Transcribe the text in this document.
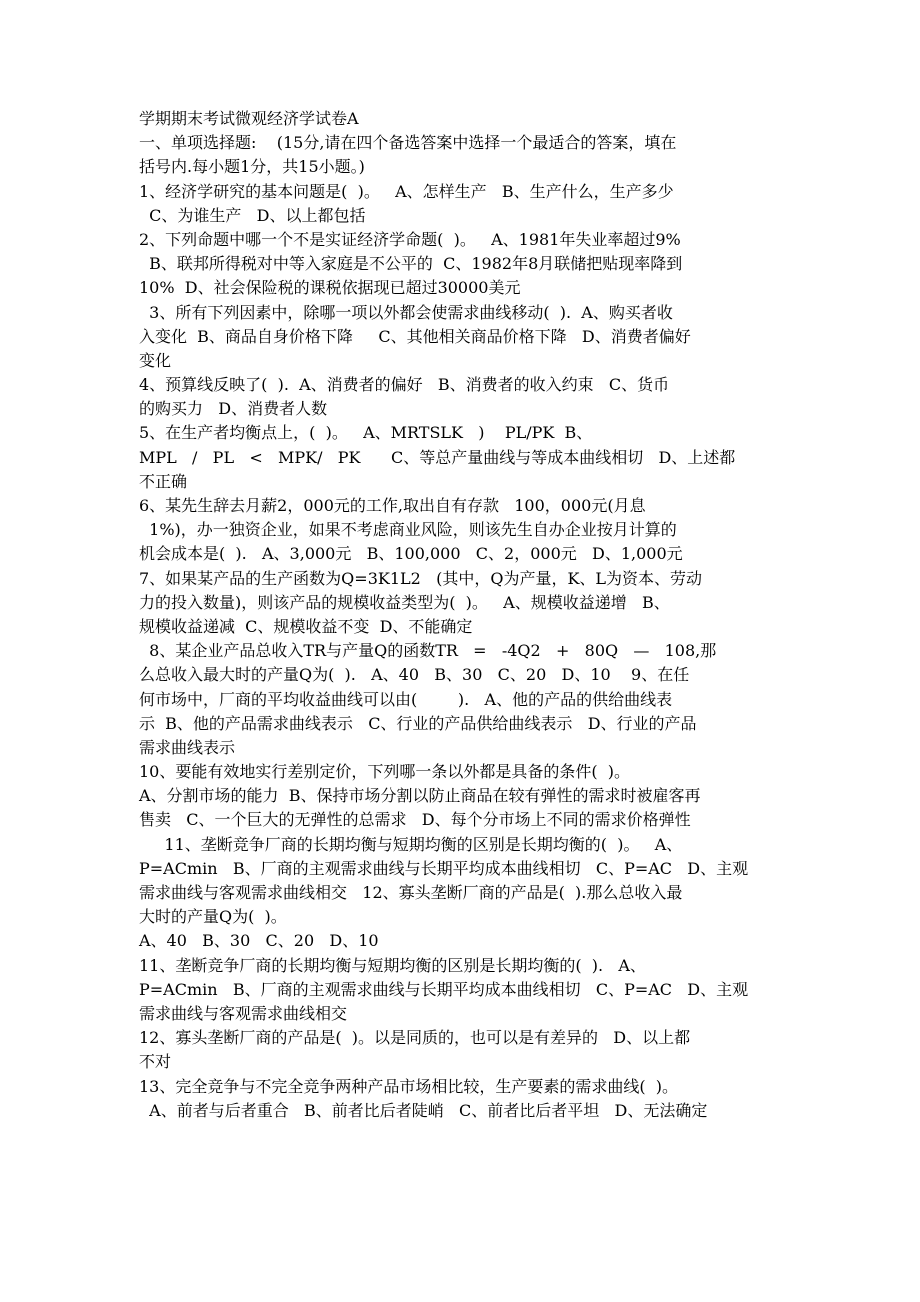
学期期末考试微观经济学试卷A
一、单项选择题:    (15分,请在四个备选答案中选择一个最适合的答案，填在
括号内.每小题1分，共15小题。)
1、经济学研究的基本问题是(  )。   A、怎样生产   B、生产什么，生产多少
C、为谁生产   D、以上都包括
2、下列命题中哪一个不是实证经济学命题(  )。   A、1981年失业率超过9%
B、联邦所得税对中等入家庭是不公平的  C、1982年8月联储把贴现率降到
10%  D、社会保险税的课税依据现已超过30000美元
3、所有下列因素中，除哪一项以外都会使需求曲线移动(  ).  A、购买者收
入变化  B、商品自身价格下降     C、其他相关商品价格下降   D、消费者偏好
变化
4、预算线反映了(  ).  A、消费者的偏好   B、消费者的收入约束   C、货币
的购买力   D、消费者人数
5、在生产者均衡点上，(  )。   A、MRTSLK   )    PL/PK  B、
MPL   /   PL   <   MPK/   PK      C、等总产量曲线与等成本曲线相切   D、上述都
不正确
6、某先生辞去月薪2，000元的工作,取出自有存款   100，000元(月息
1%)，办一独资企业，如果不考虑商业风险，则该先生自办企业按月计算的
机会成本是(  ).   A、3,000元   B、100,000   C、2，000元   D、1,000元
7、如果某产品的生产函数为Q=3K1L2   (其中，Q为产量，K、L为资本、劳动
力的投入数量)，则该产品的规模收益类型为(  )。   A、规模收益递增   B、
规模收益递减  C、规模收益不变  D、不能确定
8、某企业产品总收入TR与产量Q的函数TR   =   -4Q2   +   80Q   —   108,那
么总收入最大时的产量Q为(  ).   A、40   B、30   C、20   D、10    9、在任
何市场中，厂商的平均收益曲线可以由(        ).   A、他的产品的供给曲线表
示  B、他的产品需求曲线表示   C、行业的产品供给曲线表示   D、行业的产品
需求曲线表示
10、要能有效地实行差别定价，下列哪一条以外都是具备的条件(  )。
A、分割市场的能力  B、保持市场分割以防止商品在较有弹性的需求时被雇客再
售卖   C、一个巨大的无弹性的总需求   D、每个分市场上不同的需求价格弹性
11、垄断竞争厂商的长期均衡与短期均衡的区别是长期均衡的(  )。   A、
P=ACmin   B、厂商的主观需求曲线与长期平均成本曲线相切   C、P=AC   D、主观
需求曲线与客观需求曲线相交   12、寡头垄断厂商的产品是(  ).那么总收入最
大时的产量Q为(  )。
A、40   B、30   C、20   D、10
11、垄断竞争厂商的长期均衡与短期均衡的区别是长期均衡的(  ).   A、
P=ACmin   B、厂商的主观需求曲线与长期平均成本曲线相切   C、P=AC   D、主观
需求曲线与客观需求曲线相交
12、寡头垄断厂商的产品是(  )。以是同质的，也可以是有差异的   D、以上都
不对
13、完全竞争与不完全竞争两种产品市场相比较，生产要素的需求曲线(  )。
A、前者与后者重合   B、前者比后者陡峭   C、前者比后者平坦   D、无法确定
